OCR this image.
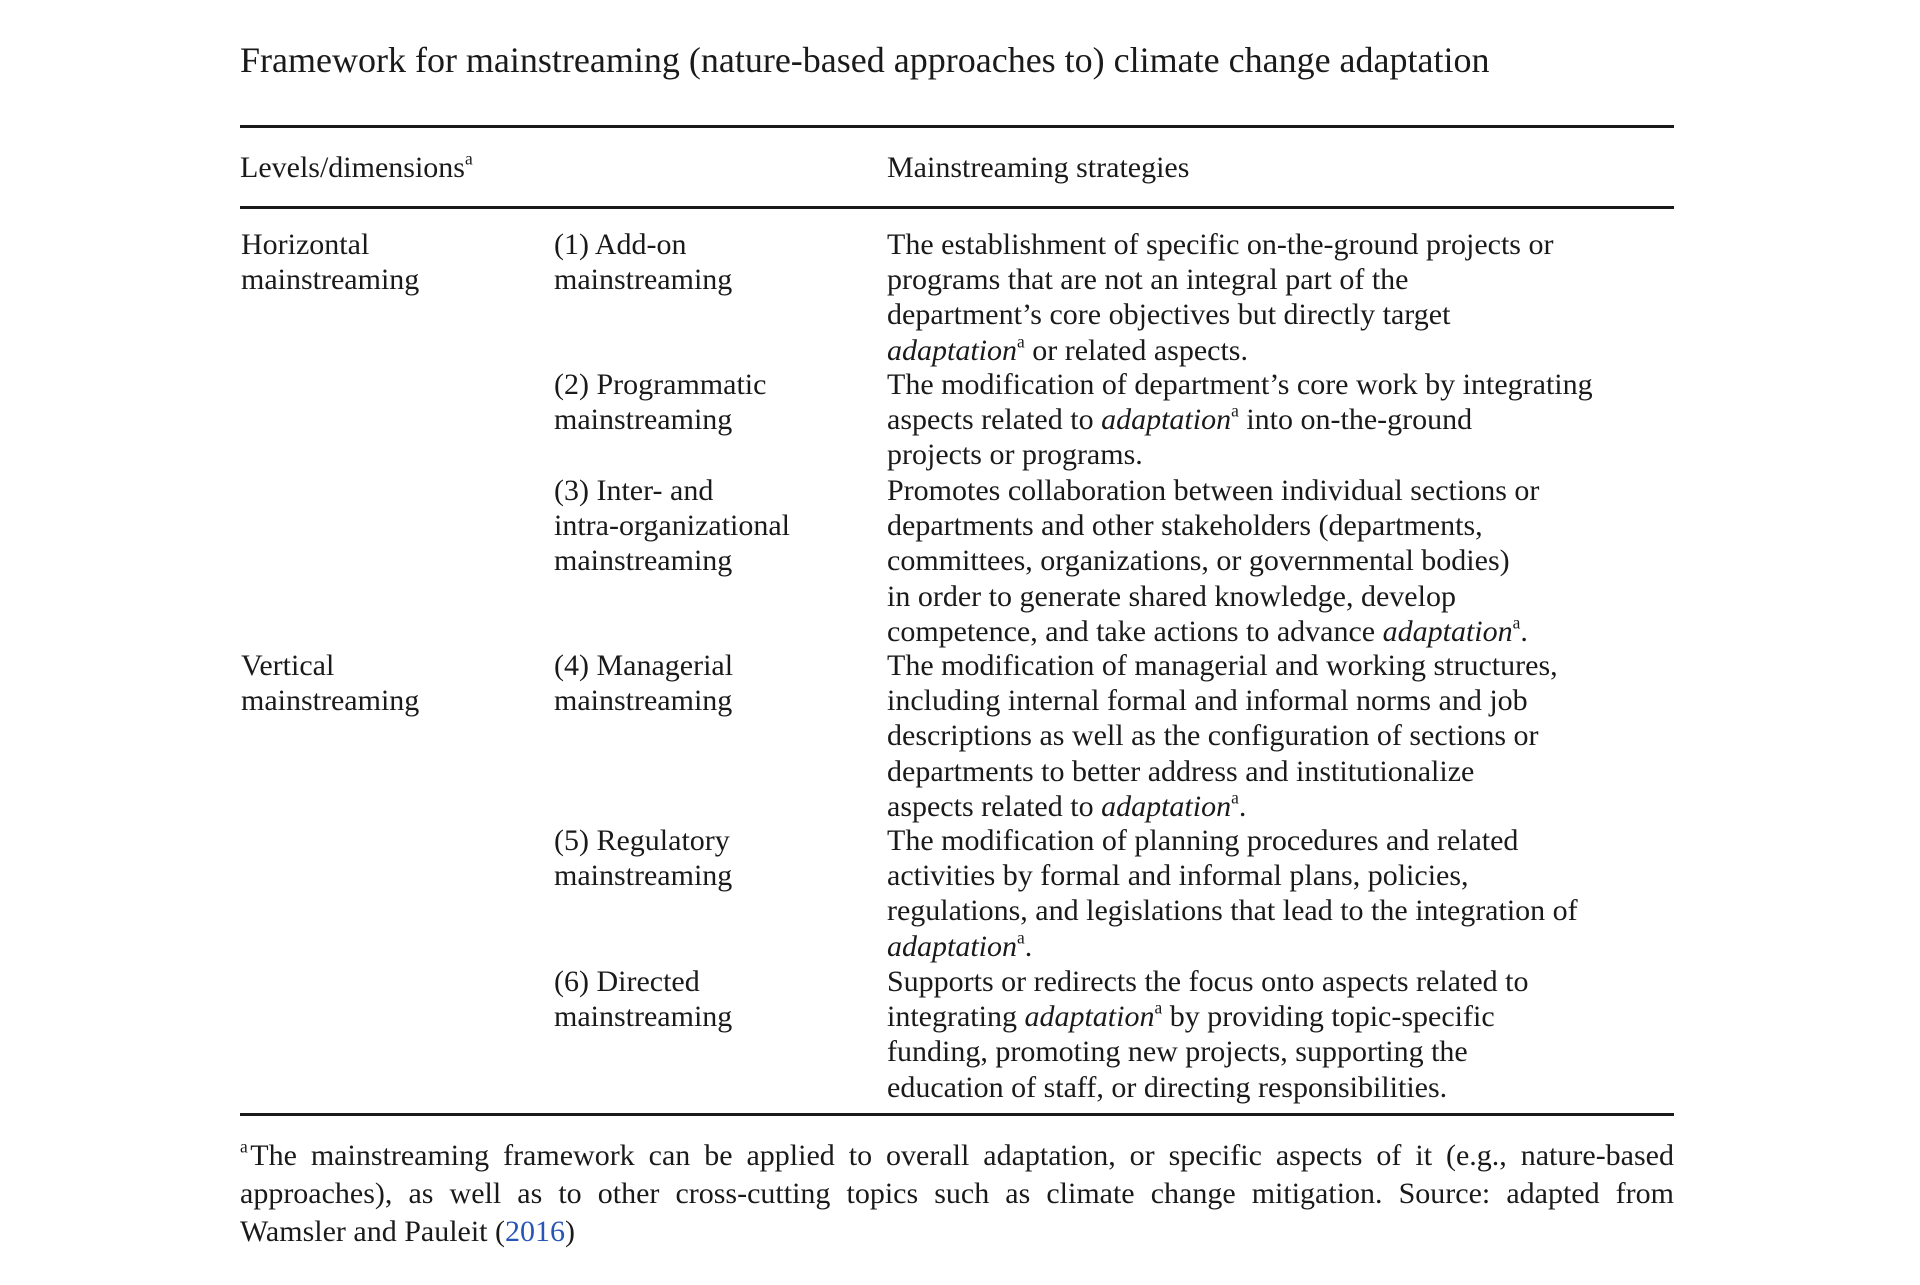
Framework for mainstreaming (nature-based approaches to) climate change adaptation
Levels/dimensions$^a$	Mainstreaming strategies
Horizontal
mainstreaming
(1) Add-on
mainstreaming
The establishment of specific on-the-ground projects or
programs that are not an integral part of the
department’s core objectives but directly target
adaptation$^a$ or related aspects.
(2) Programmatic
mainstreaming
The modification of department’s core work by integrating
aspects related to adaptation$^a$ into on-the-ground
projects or programs.
(3) Inter- and
intra-organizational
mainstreaming
Promotes collaboration between individual sections or
departments and other stakeholders (departments,
committees, organizations, or governmental bodies)
in order to generate shared knowledge, develop
competence, and take actions to advance adaptation$^a$.
Vertical
mainstreaming
(4) Managerial
mainstreaming
The modification of managerial and working structures,
including internal formal and informal norms and job
descriptions as well as the configuration of sections or
departments to better address and institutionalize
aspects related to adaptation$^a$.
(5) Regulatory
mainstreaming
The modification of planning procedures and related
activities by formal and informal plans, policies,
regulations, and legislations that lead to the integration of
adaptation$^a$.
(6) Directed
mainstreaming
Supports or redirects the focus onto aspects related to
integrating adaptation$^a$ by providing topic-specific
funding, promoting new projects, supporting the
education of staff, or directing responsibilities.
$^a$ The mainstreaming framework can be applied to overall adaptation, or specific aspects of it (e.g., nature-based
approaches), as well as to other cross-cutting topics such as climate change mitigation. Source: adapted from
Wamsler and Pauleit (2016)
